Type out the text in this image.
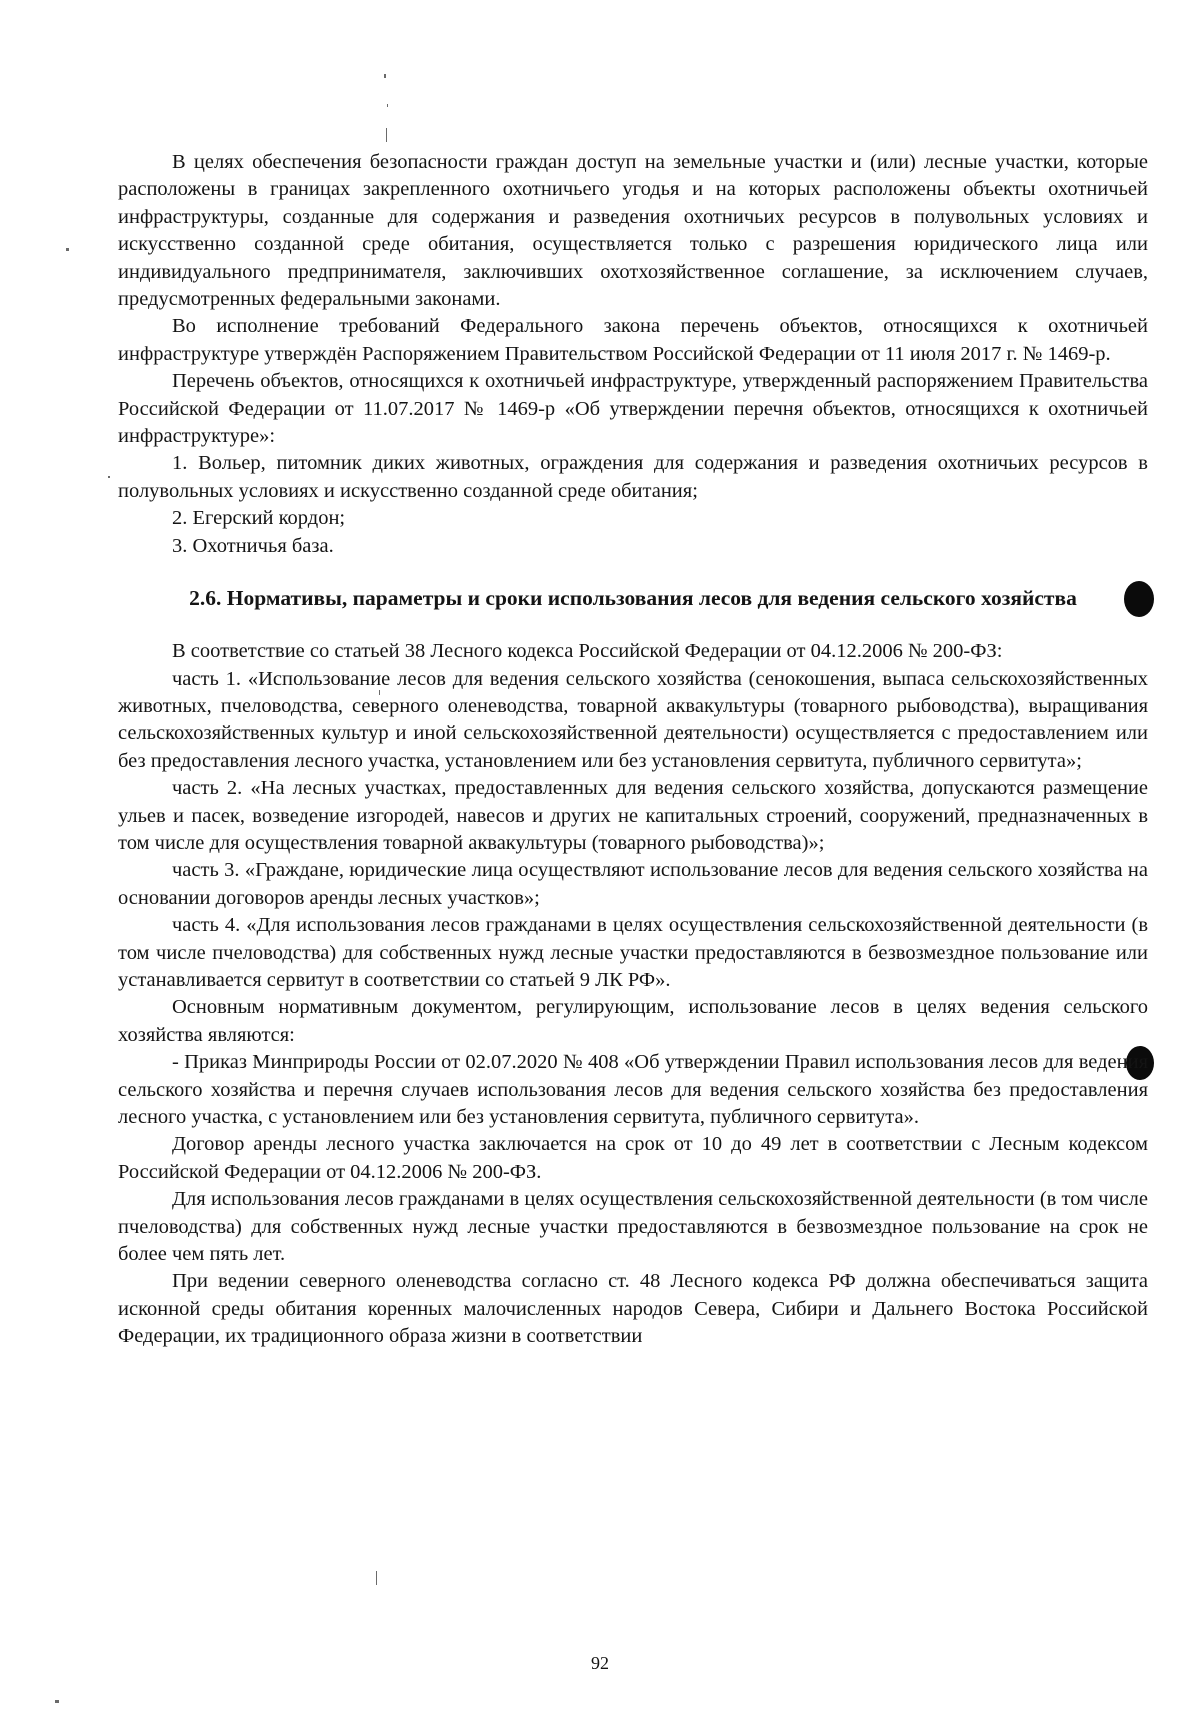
В целях обеспечения безопасности граждан доступ на земельные участки и (или) лесные участки, которые расположены в границах закрепленного охотничьего угодья и на которых расположены объекты охотничьей инфраструктуры, созданные для содержания и разведения охотничьих ресурсов в полувольных условиях и искусственно созданной среде обитания, осуществляется только с разрешения юридического лица или индивидуального предпринимателя, заключивших охотхозяйственное соглашение, за исключением случаев, предусмотренных федеральными законами.

Во исполнение требований Федерального закона перечень объектов, относящихся к охотничьей инфраструктуре утверждён Распоряжением Правительством Российской Федерации от 11 июля 2017 г. № 1469-р.

Перечень объектов, относящихся к охотничьей инфраструктуре, утвержденный распоряжением Правительства Российской Федерации от 11.07.2017 № 1469-р «Об утверждении перечня объектов, относящихся к охотничьей инфраструктуре»:

1. Вольер, питомник диких животных, ограждения для содержания и разведения охотничьих ресурсов в полувольных условиях и искусственно созданной среде обитания;

2. Егерский кордон;

3. Охотничья база.

2.6. Нормативы, параметры и сроки использования лесов для ведения сельского хозяйства

В соответствие со статьей 38 Лесного кодекса Российской Федерации от 04.12.2006 № 200-ФЗ:

часть 1. «Использование лесов для ведения сельского хозяйства (сенокошения, выпаса сельскохозяйственных животных, пчеловодства, северного оленеводства, товарной аквакультуры (товарного рыбоводства), выращивания сельскохозяйственных культур и иной сельскохозяйственной деятельности) осуществляется с предоставлением или без предоставления лесного участка, установлением или без установления сервитута, публичного сервитута»;

часть 2. «На лесных участках, предоставленных для ведения сельского хозяйства, допускаются размещение ульев и пасек, возведение изгородей, навесов и других не капитальных строений, сооружений, предназначенных в том числе для осуществления товарной аквакультуры (товарного рыбоводства)»;

часть 3. «Граждане, юридические лица осуществляют использование лесов для ведения сельского хозяйства на основании договоров аренды лесных участков»;

часть 4. «Для использования лесов гражданами в целях осуществления сельскохозяйственной деятельности (в том числе пчеловодства) для собственных нужд лесные участки предоставляются в безвозмездное пользование или устанавливается сервитут в соответствии со статьей 9 ЛК РФ».

Основным нормативным документом, регулирующим, использование лесов в целях ведения сельского хозяйства являются:

- Приказ Минприроды России от 02.07.2020 № 408 «Об утверждении Правил использования лесов для ведения сельского хозяйства и перечня случаев использования лесов для ведения сельского хозяйства без предоставления лесного участка, с установлением или без установления сервитута, публичного сервитута».

Договор аренды лесного участка заключается на срок от 10 до 49 лет в соответствии с Лесным кодексом Российской Федерации от 04.12.2006 № 200-ФЗ.

Для использования лесов гражданами в целях осуществления сельскохозяйственной деятельности (в том числе пчеловодства) для собственных нужд лесные участки предоставляются в безвозмездное пользование на срок не более чем пять лет.

При ведении северного оленеводства согласно ст. 48 Лесного кодекса РФ должна обеспечиваться защита исконной среды обитания коренных малочисленных народов Севера, Сибири и Дальнего Востока Российской Федерации, их традиционного образа жизни в соответствии

92
